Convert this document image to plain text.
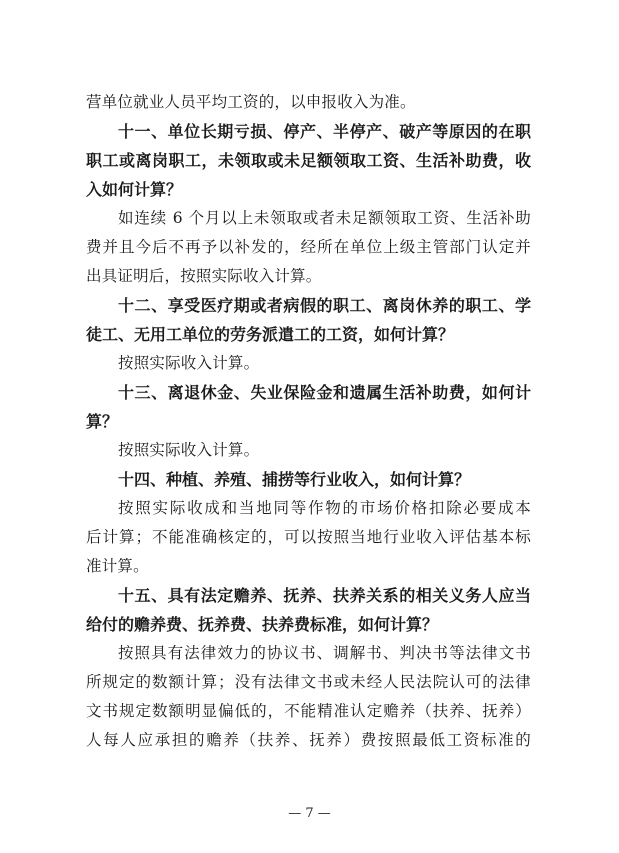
营单位就业人员平均工资的，以申报收入为准。
十一、单位长期亏损、停产、半停产、破产等原因的在职
职工或离岗职工，未领取或未足额领取工资、生活补助费，收
入如何计算？
如连续 6 个月以上未领取或者未足额领取工资、生活补助
费并且今后不再予以补发的，经所在单位上级主管部门认定并
出具证明后，按照实际收入计算。
十二、享受医疗期或者病假的职工、离岗休养的职工、学
徒工、无用工单位的劳务派遣工的工资，如何计算？
按照实际收入计算。
十三、离退休金、失业保险金和遗属生活补助费，如何计
算？
按照实际收入计算。
十四、种植、养殖、捕捞等行业收入，如何计算？
按照实际收成和当地同等作物的市场价格扣除必要成本
后计算；不能准确核定的，可以按照当地行业收入评估基本标
准计算。
十五、具有法定赡养、抚养、扶养关系的相关义务人应当
给付的赡养费、抚养费、扶养费标准，如何计算？
按照具有法律效力的协议书、调解书、判决书等法律文书
所规定的数额计算；没有法律文书或未经人民法院认可的法律
文书规定数额明显偏低的，不能精准认定赡养（扶养、抚养）
人每人应承担的赡养（扶养、抚养）费按照最低工资标准的
— 7 —
